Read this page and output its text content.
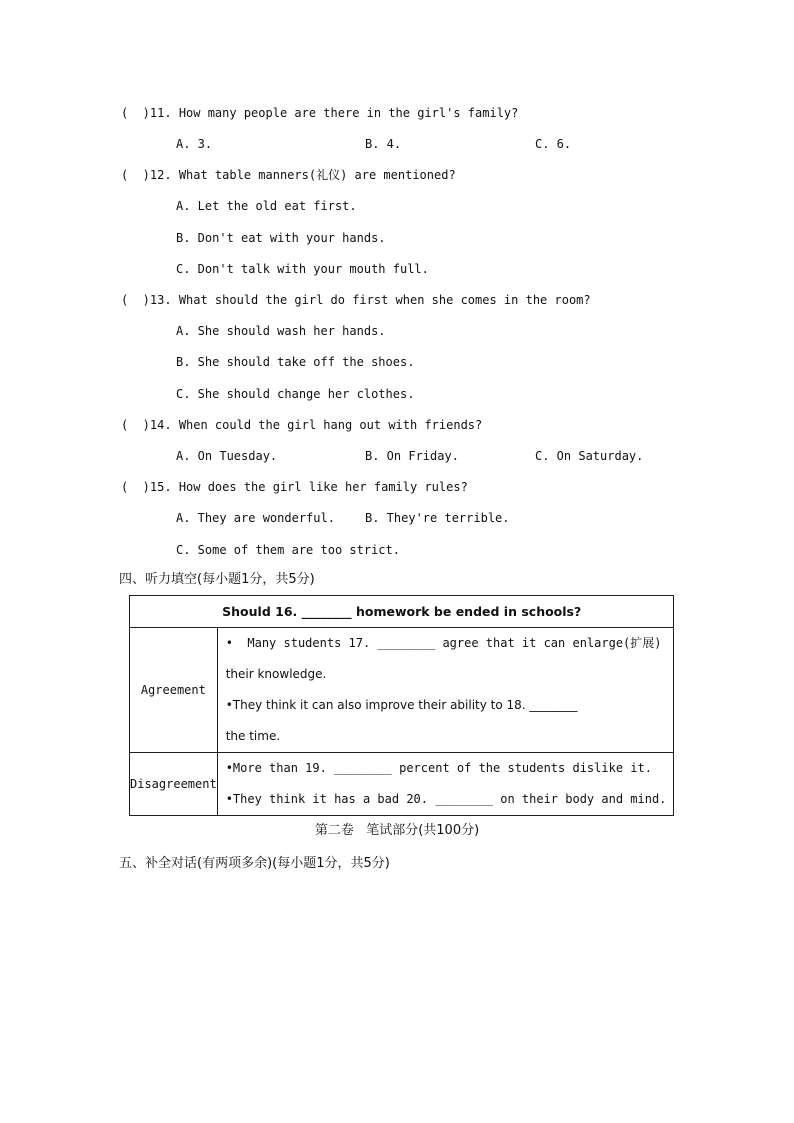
(  )11. How many people are there in the girl's family?
A. 3.	B. 4.	C. 6.
(  )12. What table manners(礼仪) are mentioned?
A. Let the old eat first.
B. Don't eat with your hands.
C. Don't talk with your mouth full.
(  )13. What should the girl do first when she comes in the room?
A. She should wash her hands.
B. She should take off the shoes.
C. She should change her clothes.
(  )14. When could the girl hang out with friends?
A. On Tuesday.	B. On Friday.	C. On Saturday.
(  )15. How does the girl like her family rules?
A. They are wonderful.	B. They're terrible.
C. Some of them are too strict.
四、听力填空(每小题1分，共5分)
Should 16. ________ homework be ended in schools?	
Agreement	•  Many students 17. ________ agree that it can enlarge(扩展)
their knowledge.
•They think it can also improve their ability to 18. ________
the time.

Disagreement	•More than 19. ________ percent of the students dislike it.
•They think it has a bad 20. ________ on their body and mind.
第二卷   笔试部分(共100分)
五、补全对话(有两项多余)(每小题1分，共5分)
